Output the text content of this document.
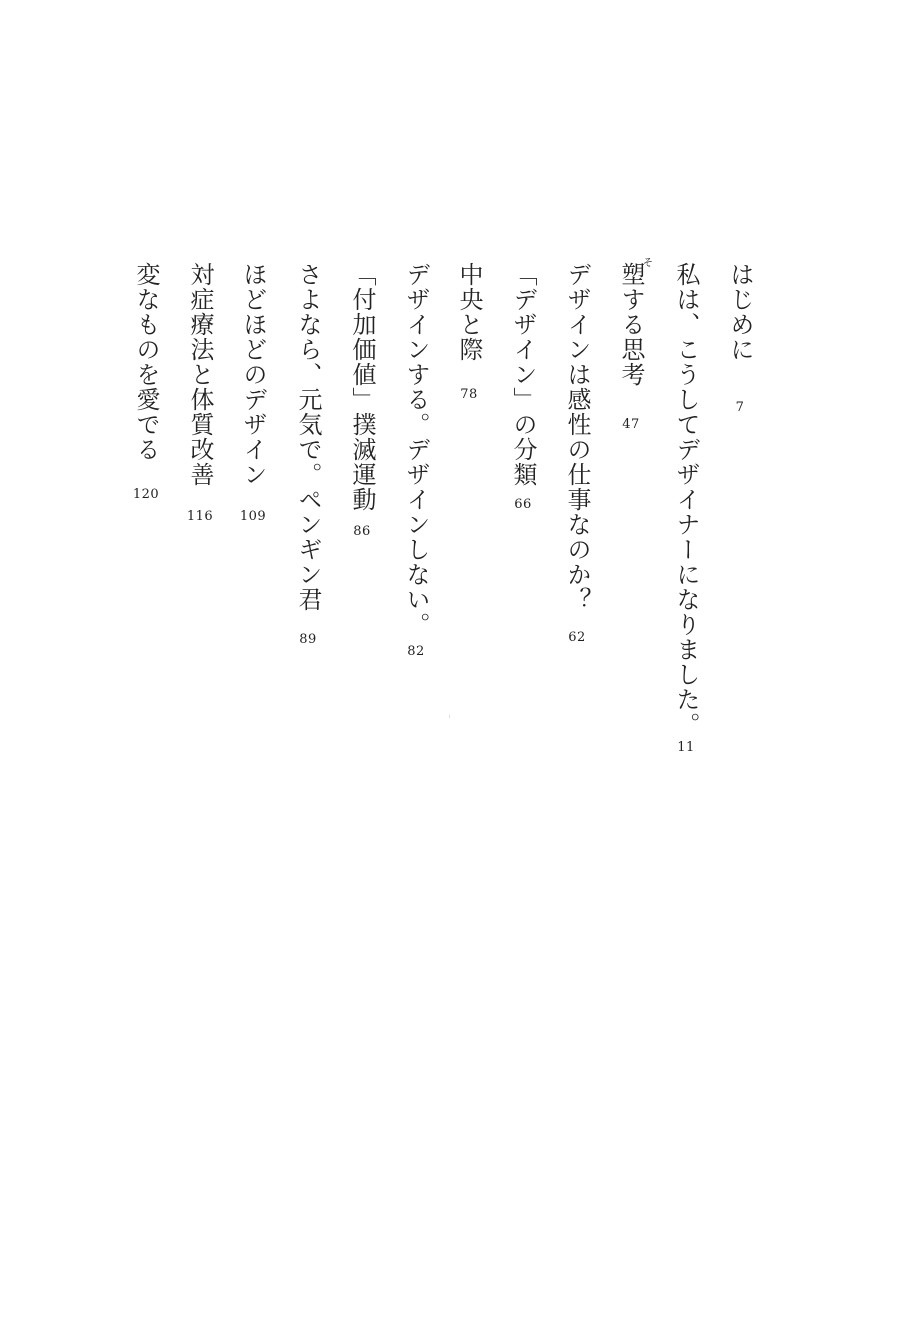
はじめに
7
私は、こうしてデザイナーになりました。
11
そ
塑する思考
47
デザインは感性の仕事なのか？
62
「デザイン」の分類
66
中央と際
78
デザインする。デザインしない。
82
「付加価値」撲滅運動
86
さよなら、元気で。ペンギン君
89
ほどほどのデザイン
109
対症療法と体質改善
116
変なものを愛でる
120
